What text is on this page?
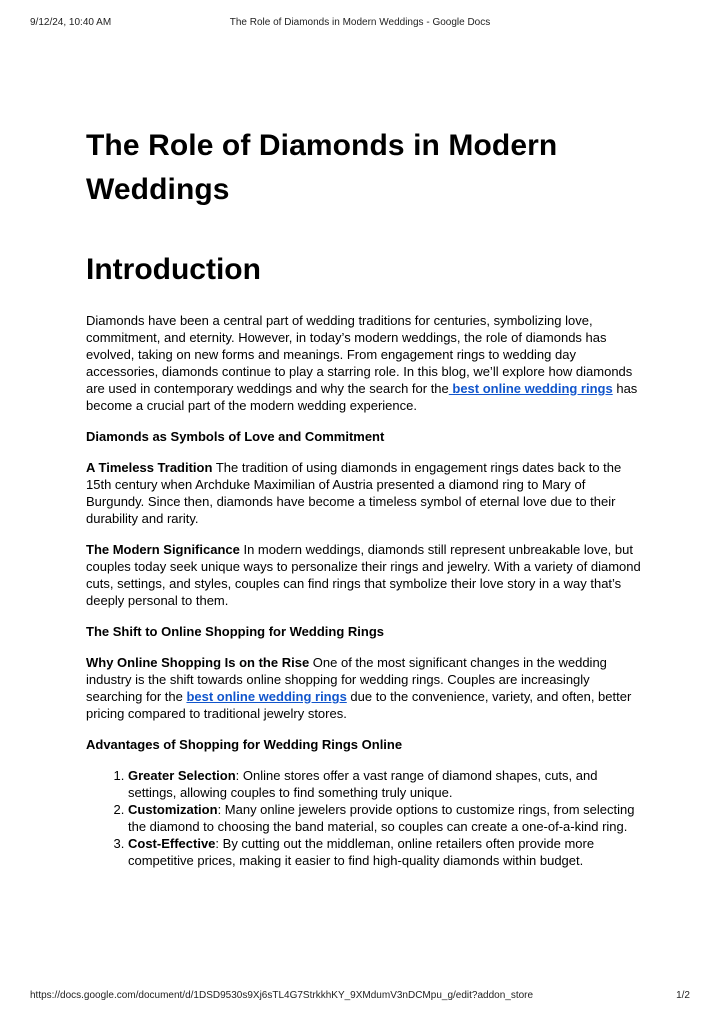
9/12/24, 10:40 AM	The Role of Diamonds in Modern Weddings - Google Docs
The Role of Diamonds in Modern Weddings
Introduction

Diamonds have been a central part of wedding traditions for centuries, symbolizing love, commitment, and eternity. However, in today’s modern weddings, the role of diamonds has evolved, taking on new forms and meanings. From engagement rings to wedding day accessories, diamonds continue to play a starring role. In this blog, we’ll explore how diamonds are used in contemporary weddings and why the search for the best online wedding rings has become a crucial part of the modern wedding experience.

Diamonds as Symbols of Love and Commitment

A Timeless Tradition The tradition of using diamonds in engagement rings dates back to the 15th century when Archduke Maximilian of Austria presented a diamond ring to Mary of Burgundy. Since then, diamonds have become a timeless symbol of eternal love due to their durability and rarity.

The Modern Significance In modern weddings, diamonds still represent unbreakable love, but couples today seek unique ways to personalize their rings and jewelry. With a variety of diamond cuts, settings, and styles, couples can find rings that symbolize their love story in a way that’s deeply personal to them.

The Shift to Online Shopping for Wedding Rings

Why Online Shopping Is on the Rise One of the most significant changes in the wedding industry is the shift towards online shopping for wedding rings. Couples are increasingly searching for the best online wedding rings due to the convenience, variety, and often, better pricing compared to traditional jewelry stores.

Advantages of Shopping for Wedding Rings Online

1. Greater Selection: Online stores offer a vast range of diamond shapes, cuts, and settings, allowing couples to find something truly unique.
2. Customization: Many online jewelers provide options to customize rings, from selecting the diamond to choosing the band material, so couples can create a one-of-a-kind ring.
3. Cost-Effective: By cutting out the middleman, online retailers often provide more competitive prices, making it easier to find high-quality diamonds within budget.
https://docs.google.com/document/d/1DSD9530s9Xj6sTL4G7StrkkhKY_9XMdumV3nDCMpu_g/edit?addon_store	1/2
